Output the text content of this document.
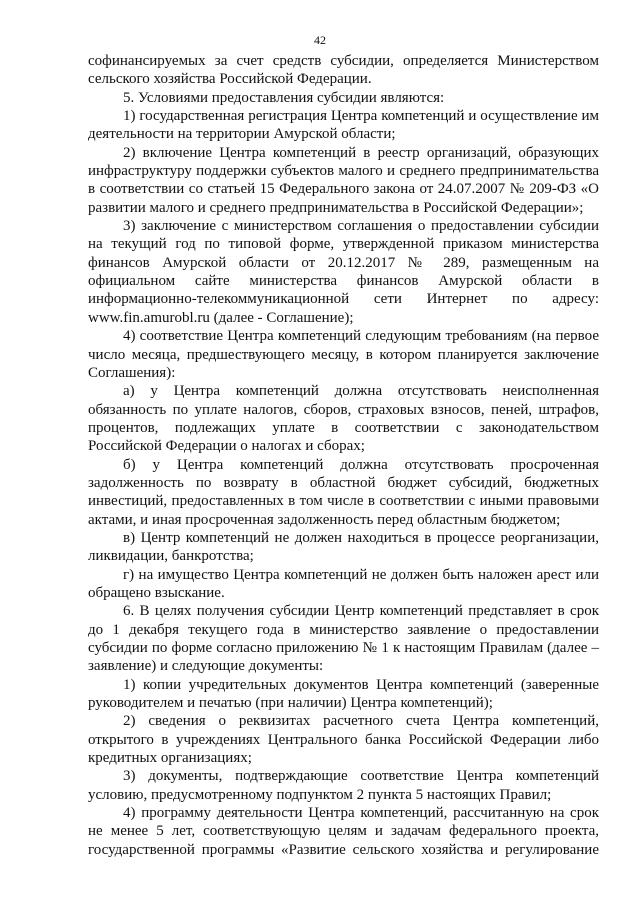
42

софинансируемых за счет средств субсидии, определяется Министерством сельского хозяйства Российской Федерации.

5. Условиями предоставления субсидии являются:

1) государственная регистрация Центра компетенций и осуществление им деятельности на территории Амурской области;

2) включение Центра компетенций в реестр организаций, образующих инфраструктуру поддержки субъектов малого и среднего предпринимательства в соответствии со статьей 15 Федерального закона от 24.07.2007 № 209-ФЗ «О развитии малого и среднего предпринимательства в Российской Федерации»;

3) заключение с министерством соглашения о предоставлении субсидии на текущий год по типовой форме, утвержденной приказом министерства финансов Амурской области от 20.12.2017 № 289, размещенным на официальном сайте министерства финансов Амурской области в информационно-телекоммуникационной сети Интернет по адресу: www.fin.amurobl.ru (далее - Соглашение);

4) соответствие Центра компетенций следующим требованиям (на первое число месяца, предшествующего месяцу, в котором планируется заключение Соглашения):

а) у Центра компетенций должна отсутствовать неисполненная обязанность по уплате налогов, сборов, страховых взносов, пеней, штрафов, процентов, подлежащих уплате в соответствии с законодательством Российской Федерации о налогах и сборах;

б) у Центра компетенций должна отсутствовать просроченная задолженность по возврату в областной бюджет субсидий, бюджетных инвестиций, предоставленных в том числе в соответствии с иными правовыми актами, и иная просроченная задолженность перед областным бюджетом;

в) Центр компетенций не должен находиться в процессе реорганизации, ликвидации, банкротства;

г) на имущество Центра компетенций не должен быть наложен арест или обращено взыскание.

6. В целях получения субсидии Центр компетенций представляет в срок до 1 декабря текущего года в министерство заявление о предоставлении субсидии по форме согласно приложению № 1 к настоящим Правилам (далее – заявление) и следующие документы:

1) копии учредительных документов Центра компетенций (заверенные руководителем и печатью (при наличии) Центра компетенций);

2) сведения о реквизитах расчетного счета Центра компетенций, открытого в учреждениях Центрального банка Российской Федерации либо кредитных организациях;

3) документы, подтверждающие соответствие Центра компетенций условию, предусмотренному подпунктом 2 пункта 5 настоящих Правил;

4) программу деятельности Центра компетенций, рассчитанную на срок не менее 5 лет, соответствующую целям и задачам федерального проекта, государственной программы «Развитие сельского хозяйства и регулирование
